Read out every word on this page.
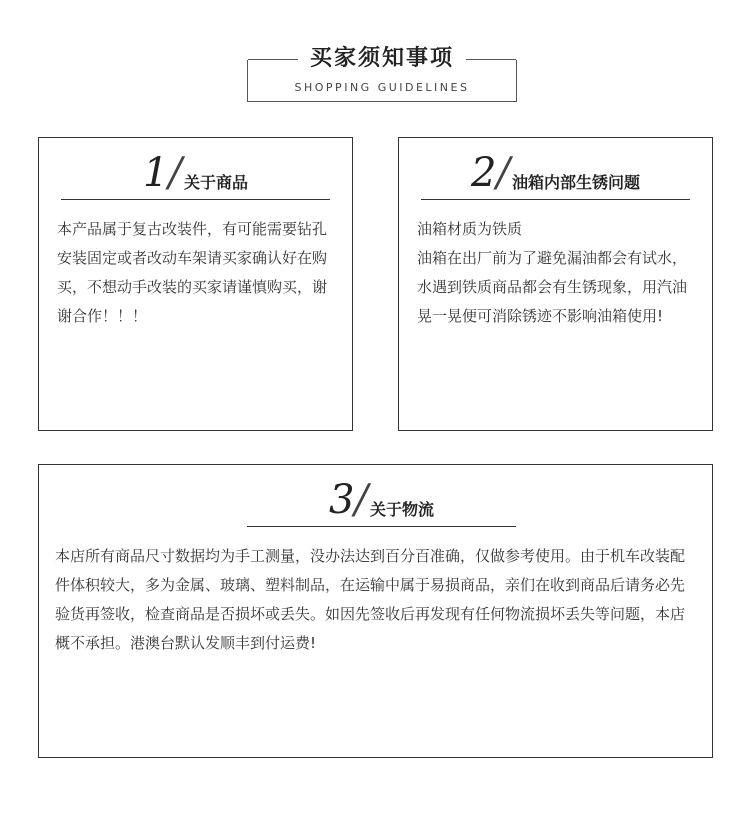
买家须知事项
SHOPPING GUIDELINES
1 / 关于商品

本产品属于复古改装件，有可能需要钻孔安装固定或者改动车架请买家确认好在购买，不想动手改装的买家请谨慎购买，谢谢合作！！！

2 / 油箱内部生锈问题

油箱材质为铁质

油箱在出厂前为了避免漏油都会有试水，水遇到铁质商品都会有生锈现象，用汽油晃一晃便可消除锈迹不影响油箱使用!

3 / 关于物流

本店所有商品尺寸数据均为手工测量，没办法达到百分百准确，仅做参考使用。由于机车改装配件体积较大，多为金属、玻璃、塑料制品，在运输中属于易损商品，亲们在收到商品后请务必先验货再签收，检查商品是否损坏或丢失。如因先签收后再发现有任何物流损坏丢失等问题，本店概不承担。港澳台默认发顺丰到付运费!
